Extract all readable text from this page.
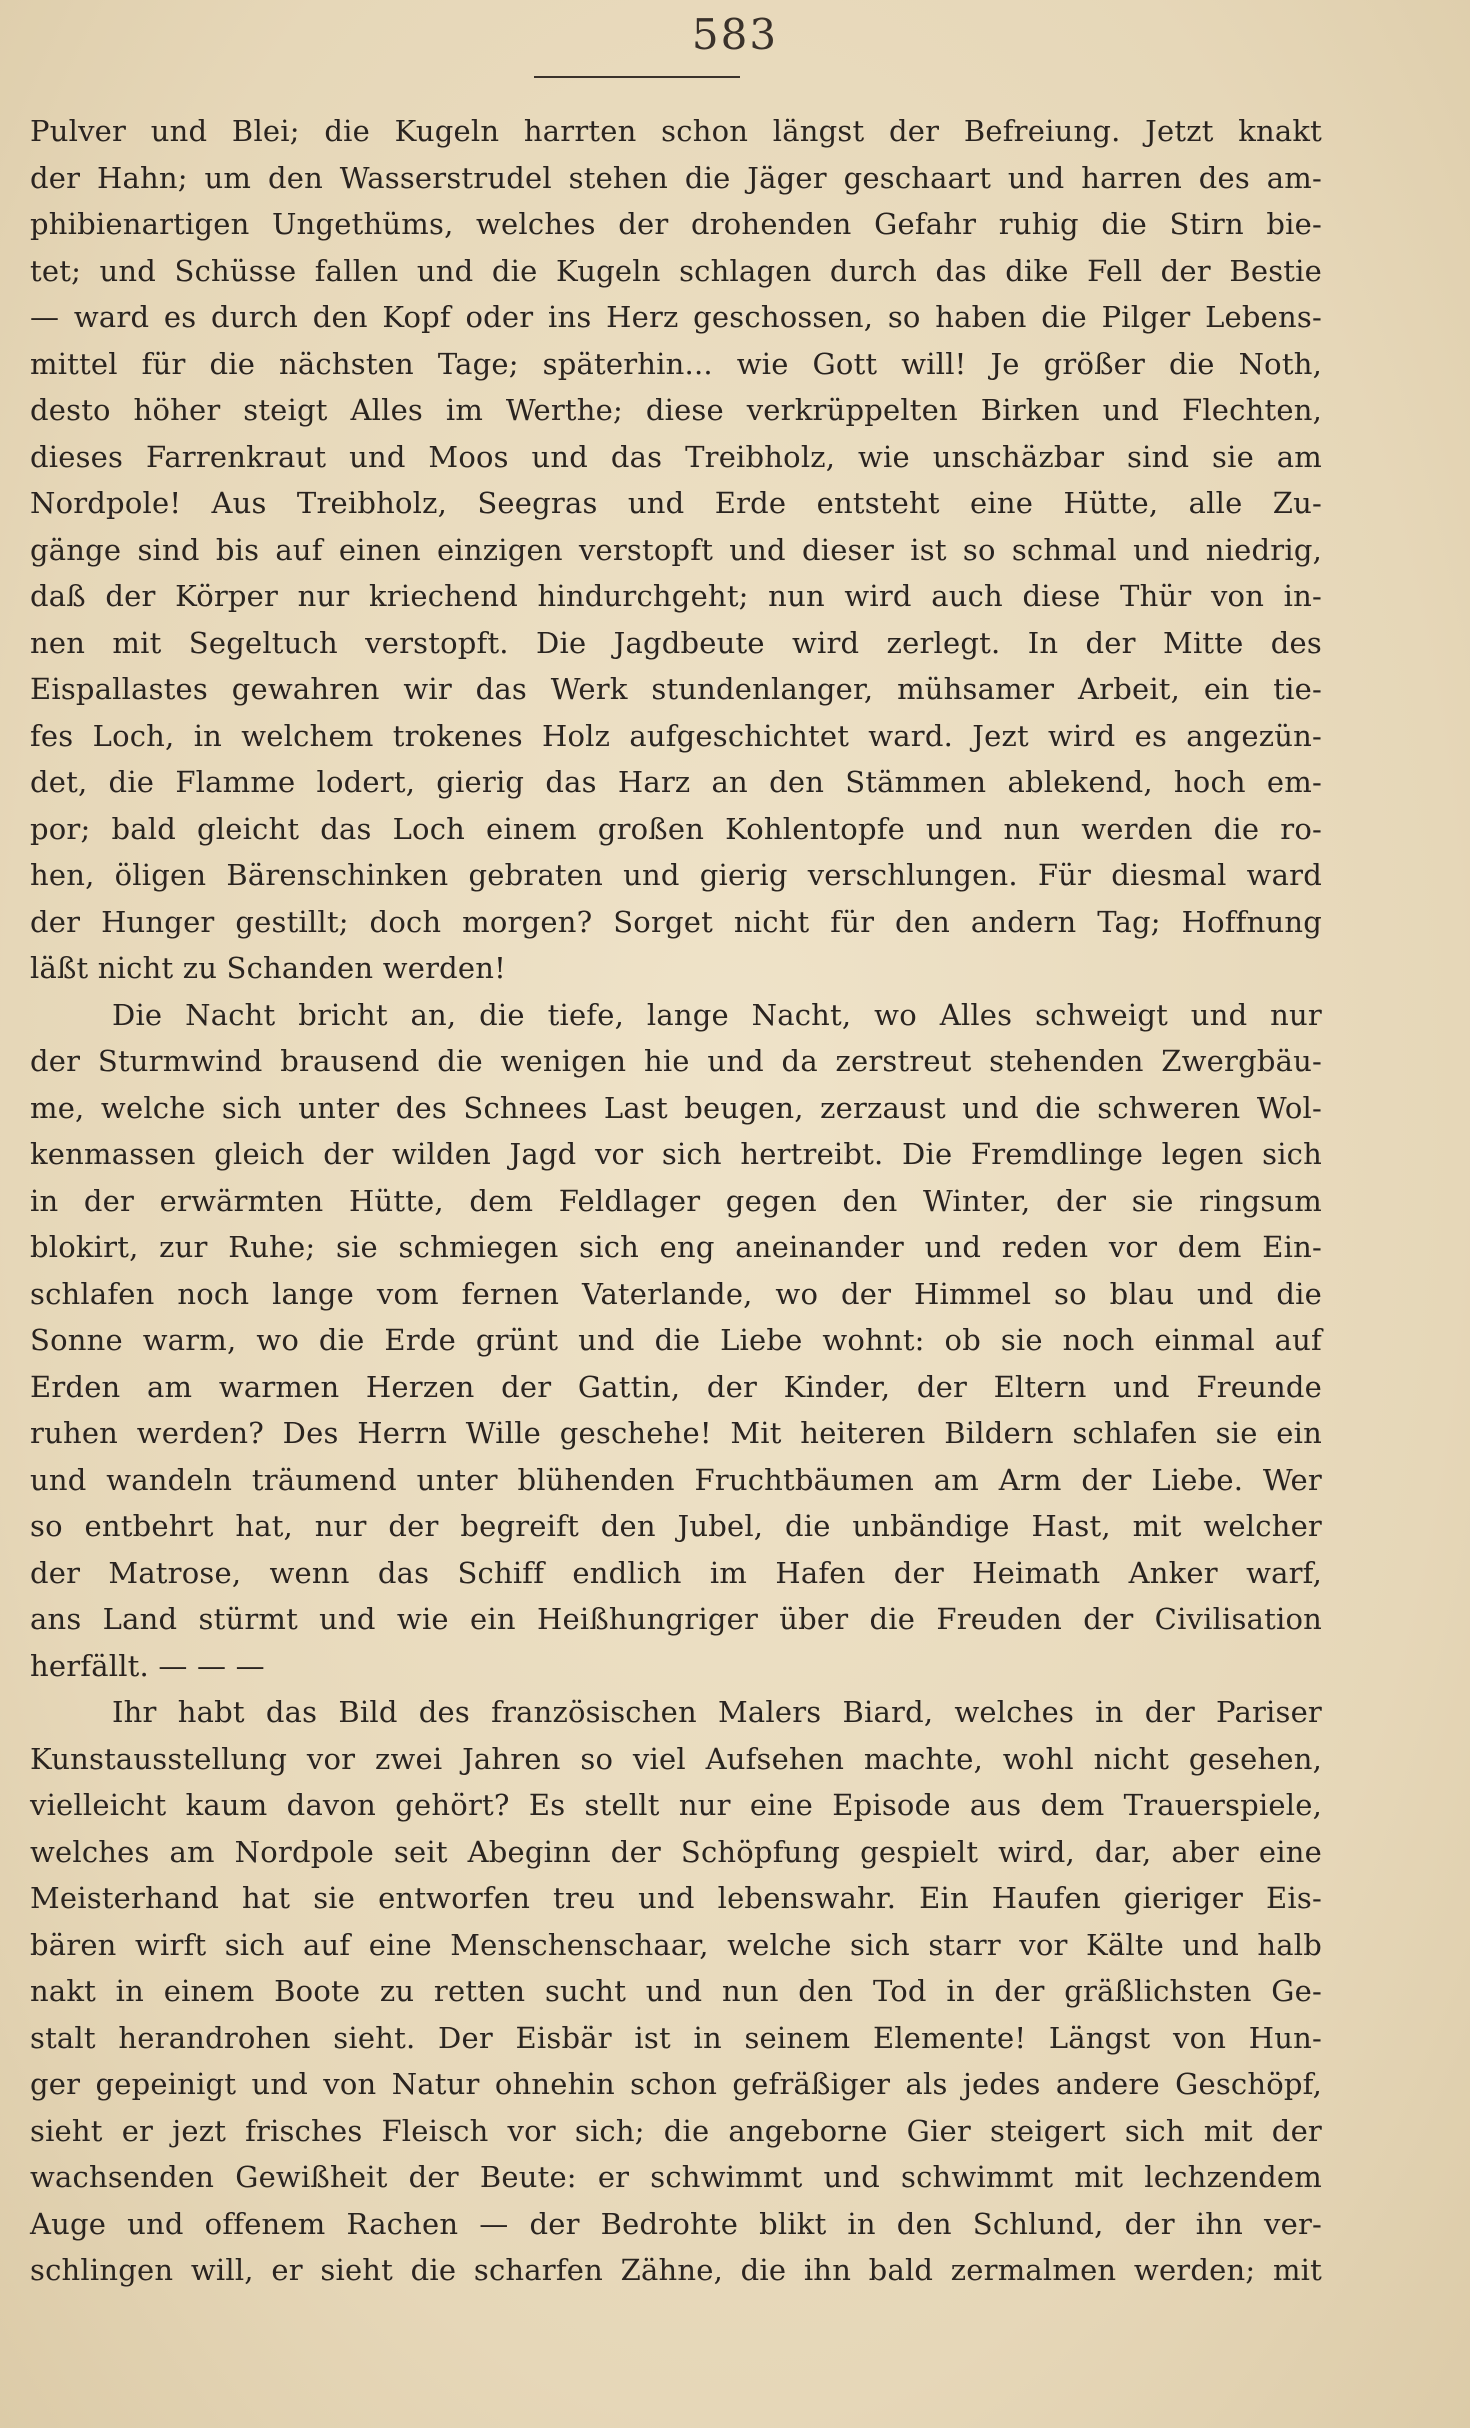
583
Pulver und Blei; die Kugeln harrten schon längst der Befreiung. Jetzt knakt
der Hahn; um den Wasserstrudel stehen die Jäger geschaart und harren des am-
phibienartigen Ungethüms, welches der drohenden Gefahr ruhig die Stirn bie-
tet; und Schüsse fallen und die Kugeln schlagen durch das dike Fell der Bestie
— ward es durch den Kopf oder ins Herz geschossen, so haben die Pilger Lebens-
mittel für die nächsten Tage; späterhin... wie Gott will! Je größer die Noth,
desto höher steigt Alles im Werthe; diese verkrüppelten Birken und Flechten,
dieses Farrenkraut und Moos und das Treibholz, wie unschäzbar sind sie am
Nordpole! Aus Treibholz, Seegras und Erde entsteht eine Hütte, alle Zu-
gänge sind bis auf einen einzigen verstopft und dieser ist so schmal und niedrig,
daß der Körper nur kriechend hindurchgeht; nun wird auch diese Thür von in-
nen mit Segeltuch verstopft. Die Jagdbeute wird zerlegt. In der Mitte des
Eispallastes gewahren wir das Werk stundenlanger, mühsamer Arbeit, ein tie-
fes Loch, in welchem trokenes Holz aufgeschichtet ward. Jezt wird es angezün-
det, die Flamme lodert, gierig das Harz an den Stämmen ablekend, hoch em-
por; bald gleicht das Loch einem großen Kohlentopfe und nun werden die ro-
hen, öligen Bärenschinken gebraten und gierig verschlungen. Für diesmal ward
der Hunger gestillt; doch morgen? Sorget nicht für den andern Tag; Hoffnung
läßt nicht zu Schanden werden!
Die Nacht bricht an, die tiefe, lange Nacht, wo Alles schweigt und nur
der Sturmwind brausend die wenigen hie und da zerstreut stehenden Zwergbäu-
me, welche sich unter des Schnees Last beugen, zerzaust und die schweren Wol-
kenmassen gleich der wilden Jagd vor sich hertreibt. Die Fremdlinge legen sich
in der erwärmten Hütte, dem Feldlager gegen den Winter, der sie ringsum
blokirt, zur Ruhe; sie schmiegen sich eng aneinander und reden vor dem Ein-
schlafen noch lange vom fernen Vaterlande, wo der Himmel so blau und die
Sonne warm, wo die Erde grünt und die Liebe wohnt: ob sie noch einmal auf
Erden am warmen Herzen der Gattin, der Kinder, der Eltern und Freunde
ruhen werden? Des Herrn Wille geschehe! Mit heiteren Bildern schlafen sie ein
und wandeln träumend unter blühenden Fruchtbäumen am Arm der Liebe. Wer
so entbehrt hat, nur der begreift den Jubel, die unbändige Hast, mit welcher
der Matrose, wenn das Schiff endlich im Hafen der Heimath Anker warf,
ans Land stürmt und wie ein Heißhungriger über die Freuden der Civilisation
herfällt. — — —
Ihr habt das Bild des französischen Malers Biard, welches in der Pariser
Kunstausstellung vor zwei Jahren so viel Aufsehen machte, wohl nicht gesehen,
vielleicht kaum davon gehört? Es stellt nur eine Episode aus dem Trauerspiele,
welches am Nordpole seit Abeginn der Schöpfung gespielt wird, dar, aber eine
Meisterhand hat sie entworfen treu und lebenswahr. Ein Haufen gieriger Eis-
bären wirft sich auf eine Menschenschaar, welche sich starr vor Kälte und halb
nakt in einem Boote zu retten sucht und nun den Tod in der gräßlichsten Ge-
stalt herandrohen sieht. Der Eisbär ist in seinem Elemente! Längst von Hun-
ger gepeinigt und von Natur ohnehin schon gefräßiger als jedes andere Geschöpf,
sieht er jezt frisches Fleisch vor sich; die angeborne Gier steigert sich mit der
wachsenden Gewißheit der Beute: er schwimmt und schwimmt mit lechzendem
Auge und offenem Rachen — der Bedrohte blikt in den Schlund, der ihn ver-
schlingen will, er sieht die scharfen Zähne, die ihn bald zermalmen werden; mit
